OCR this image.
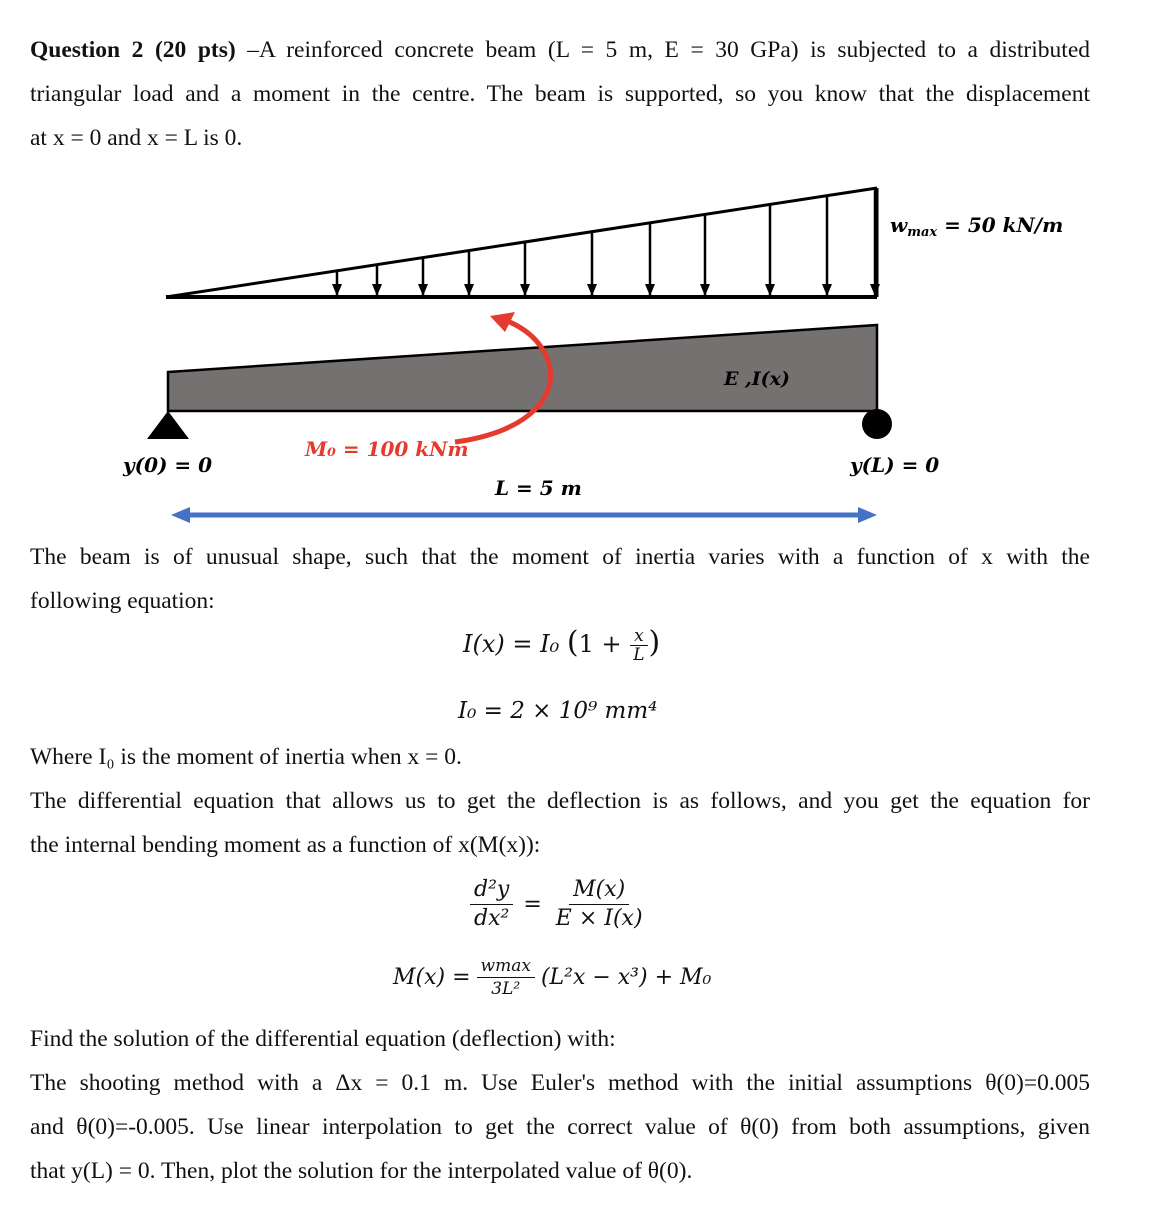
Question 2 (20 pts) –A reinforced concrete beam (L = 5 m, E = 30 GPa) is subjected to a distributed
triangular load and a moment in the centre. The beam is supported, so you know that the displacement
at x = 0 and x = L is 0.
$w_{max} = 50$ kN/m
E ,I(x)
M₀ = 100 kNm
y(0) = 0	y(L) = 0
L = 5 m
The beam is of unusual shape, such that the moment of inertia varies with a function of x with the
following equation:
I(x) = I₀ ($1 + \frac{x}{L}$ )
I₀ = 2 × 10⁹ mm⁴
Where I₀ is the moment of inertia when x = 0.
The differential equation that allows us to get the deflection is as follows, and you get the equation for
the internal bending moment as a function of x(M(x)):
$\frac{\text{d²y}}{\text{dx²}} = \frac{M(x)}{E \times I(x)}$
$M(x) = \frac{wmax}{\text{3L²}} (L^2x - x^3) + M_0$
Find the solution of the differential equation (deflection) with:
The shooting method with a Δx = 0.1 m. Use Euler's method with the initial assumptions θ(0)=0.005
and θ(0)=-0.005. Use linear interpolation to get the correct value of θ(0) from both assumptions, given
that y(L) = 0. Then, plot the solution for the interpolated value of θ(0).
